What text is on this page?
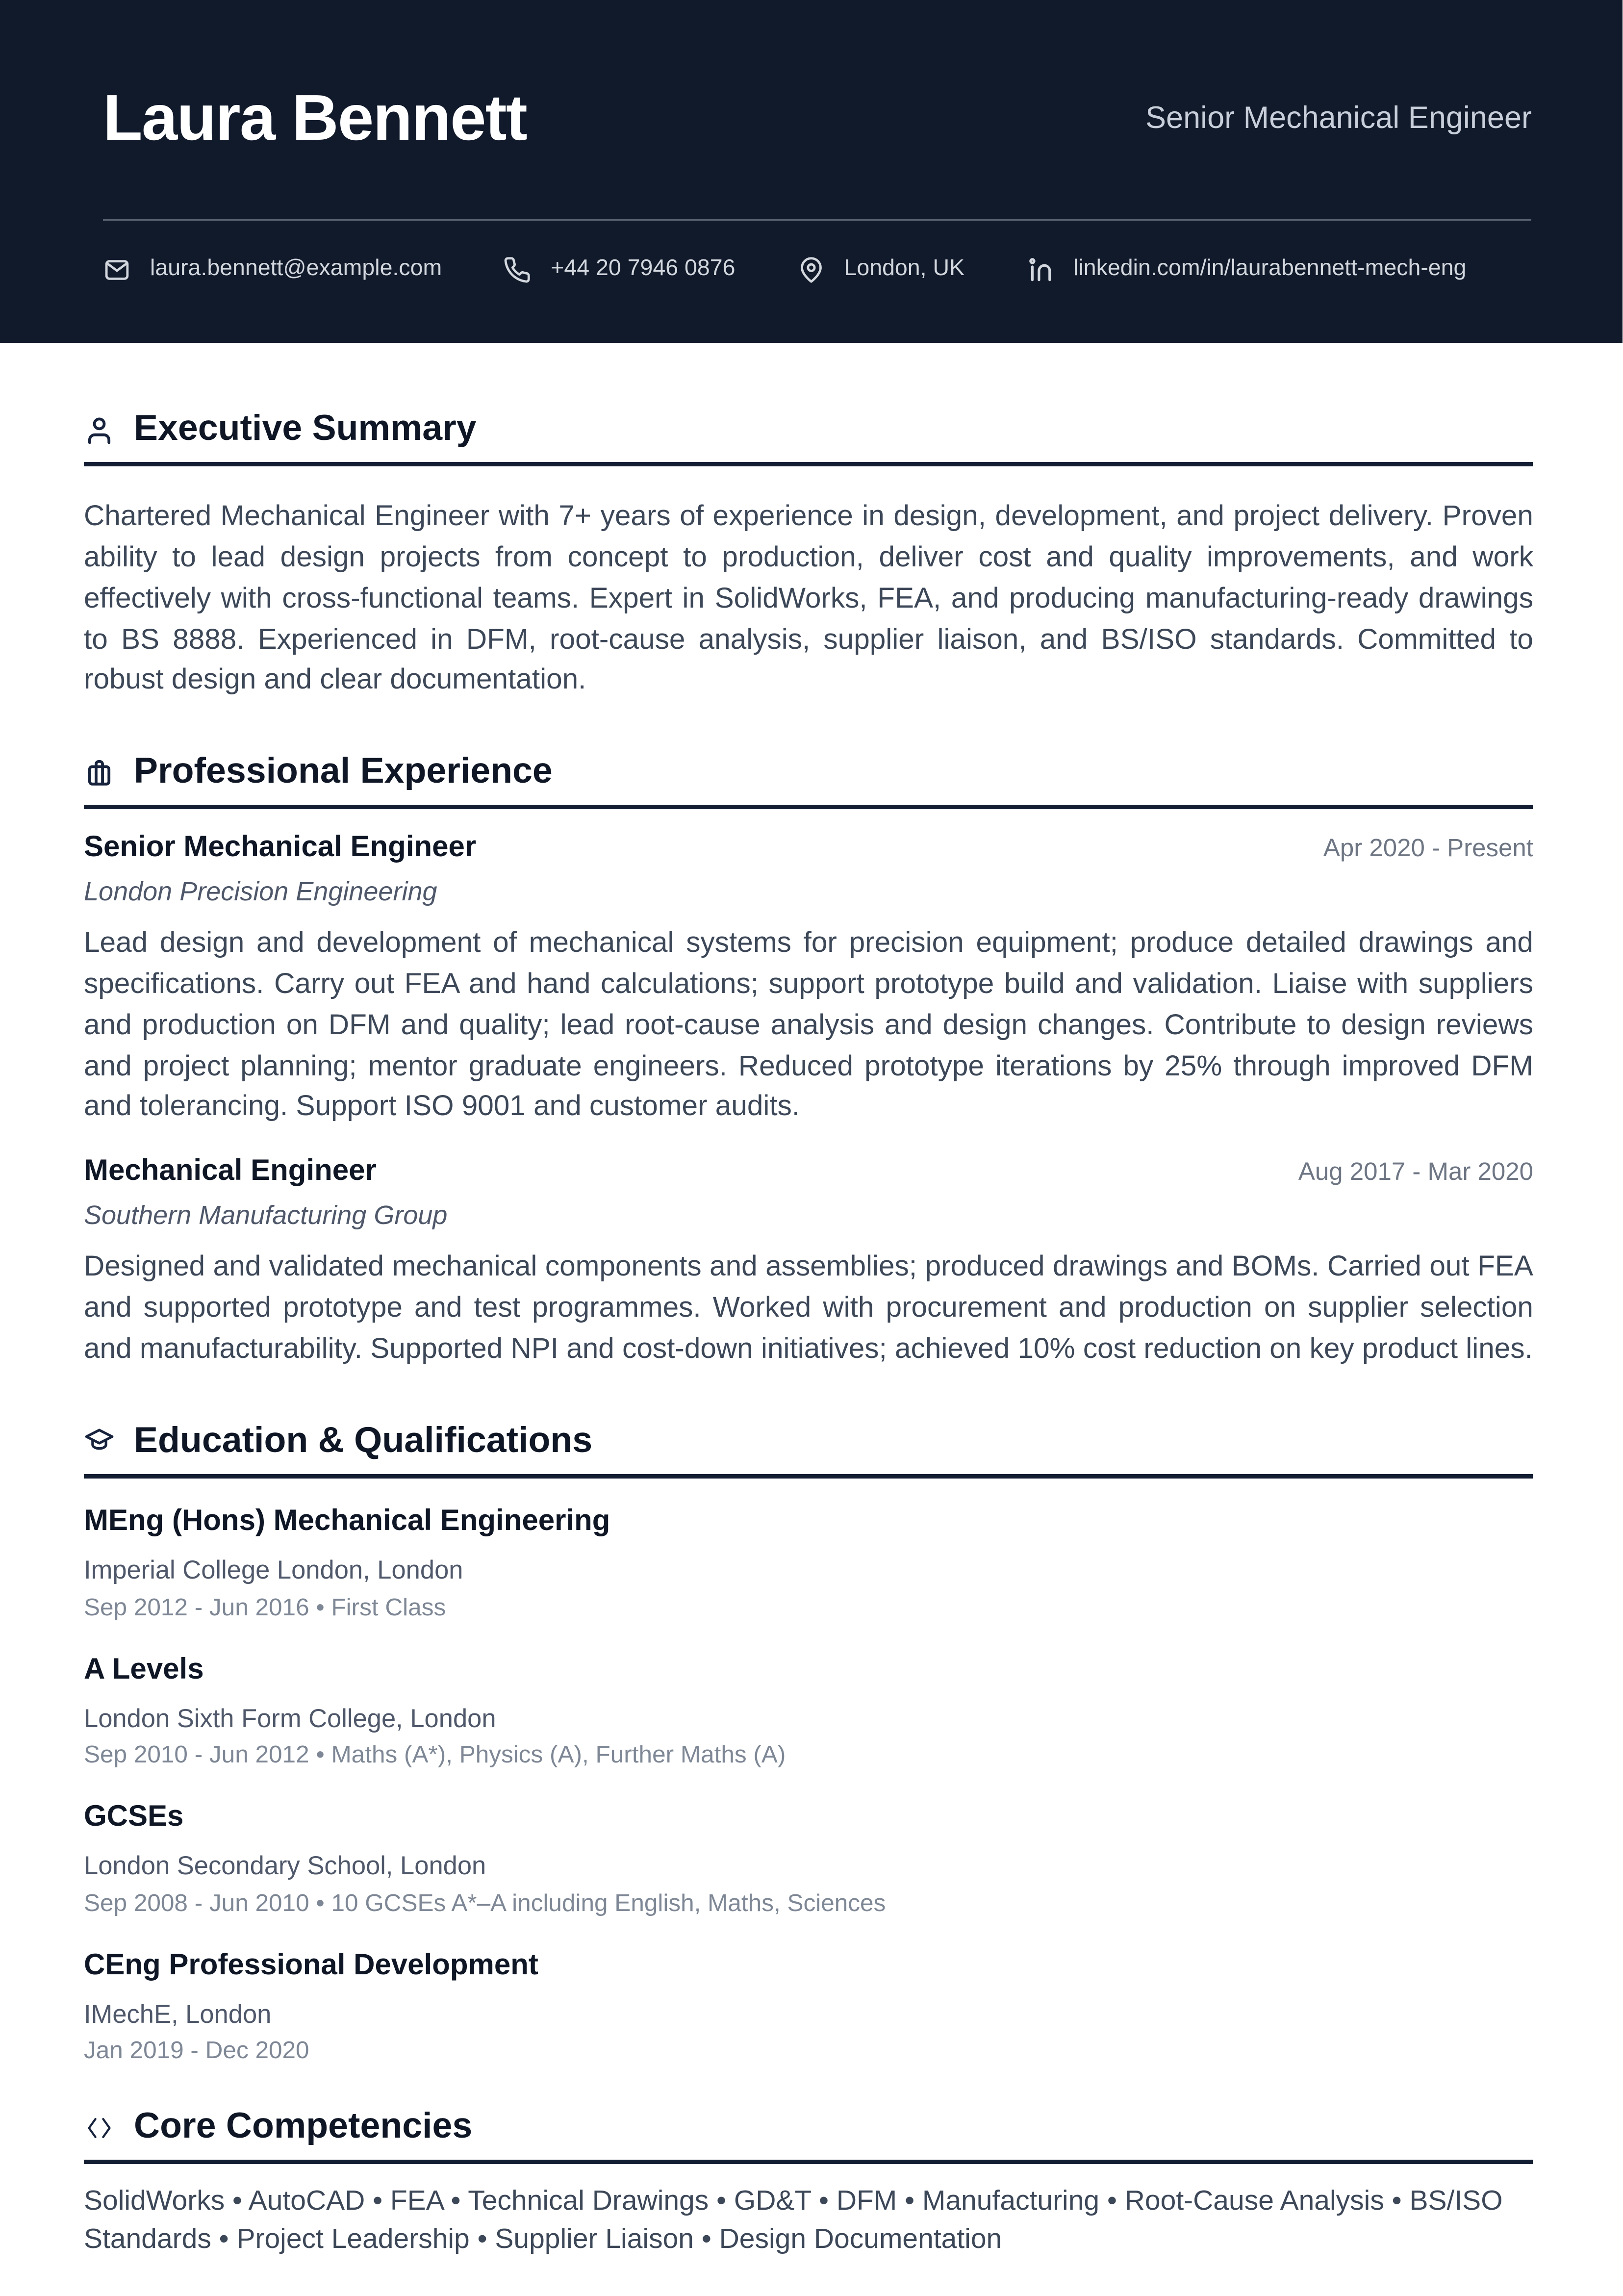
Laura Bennett	Senior Mechanical Engineer
laura.bennett@example.com	+44 20 7946 0876	London, UK	linkedin.com/in/laurabennett-mech-eng
Executive Summary

Chartered Mechanical Engineer with 7+ years of experience in design, development, and project delivery. Proven ability to lead design projects from concept to production, deliver cost and quality improvements, and work effectively with cross-functional teams. Expert in SolidWorks, FEA, and producing manufacturing-ready drawings to BS 8888. Experienced in DFM, root-cause analysis, supplier liaison, and BS/ISO standards. Committed to robust design and clear documentation.

Professional Experience
Senior Mechanical Engineer	Apr 2020 - Present
London Precision Engineering

Lead design and development of mechanical systems for precision equipment; produce detailed drawings and specifications. Carry out FEA and hand calculations; support prototype build and validation. Liaise with suppliers and production on DFM and quality; lead root-cause analysis and design changes. Contribute to design reviews and project planning; mentor graduate engineers. Reduced prototype iterations by 25% through improved DFM and tolerancing. Support ISO 9001 and customer audits.

Mechanical Engineer	Aug 2017 - Mar 2020
Southern Manufacturing Group

Designed and validated mechanical components and assemblies; produced drawings and BOMs. Carried out FEA and supported prototype and test programmes. Worked with procurement and production on supplier selection and manufacturability. Supported NPI and cost-down initiatives; achieved 10% cost reduction on key product lines.

Education & Qualifications
MEng (Hons) Mechanical Engineering
Imperial College London, London
Sep 2012 - Jun 2016 • First Class
A Levels
London Sixth Form College, London
Sep 2010 - Jun 2012 • Maths (A*), Physics (A), Further Maths (A)
GCSEs
London Secondary School, London
Sep 2008 - Jun 2010 • 10 GCSEs A*–A including English, Maths, Sciences
CEng Professional Development
IMechE, London
Jan 2019 - Dec 2020
Core Competencies

SolidWorks • AutoCAD • FEA • Technical Drawings • GD&T • DFM • Manufacturing • Root-Cause Analysis • BS/ISO Standards • Project Leadership • Supplier Liaison • Design Documentation
